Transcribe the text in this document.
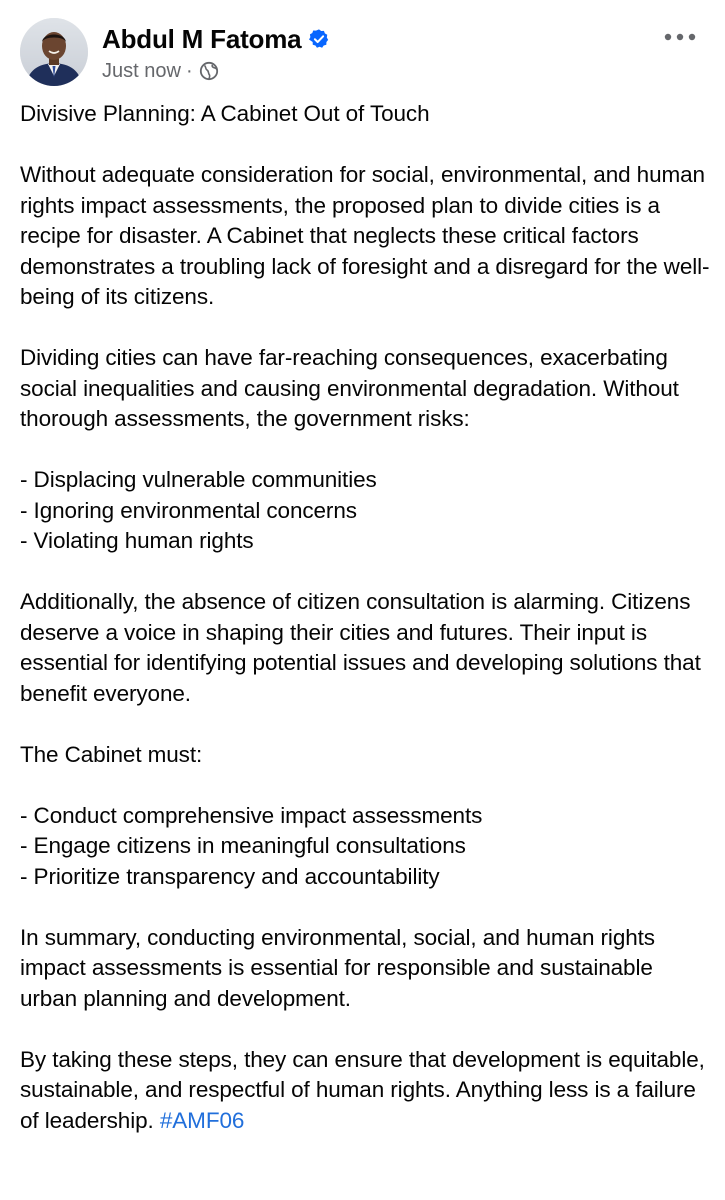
Abdul M Fatoma
Just now ·

Divisive Planning: A Cabinet Out of Touch

Without adequate consideration for social, environmental, and human rights impact assessments, the proposed plan to divide cities is a recipe for disaster. A Cabinet that neglects these critical factors demonstrates a troubling lack of foresight and a disregard for the well-being of its citizens.

Dividing cities can have far-reaching consequences, exacerbating social inequalities and causing environmental degradation. Without thorough assessments, the government risks:

- Displacing vulnerable communities
- Ignoring environmental concerns
- Violating human rights

Additionally, the absence of citizen consultation is alarming. Citizens deserve a voice in shaping their cities and futures. Their input is essential for identifying potential issues and developing solutions that benefit everyone.

The Cabinet must:

- Conduct comprehensive impact assessments
- Engage citizens in meaningful consultations
- Prioritize transparency and accountability

In summary, conducting environmental, social, and human rights impact assessments is essential for responsible and sustainable urban planning and development.

By taking these steps, they can ensure that development is equitable, sustainable, and respectful of human rights. Anything less is a failure of leadership. #AMF06
